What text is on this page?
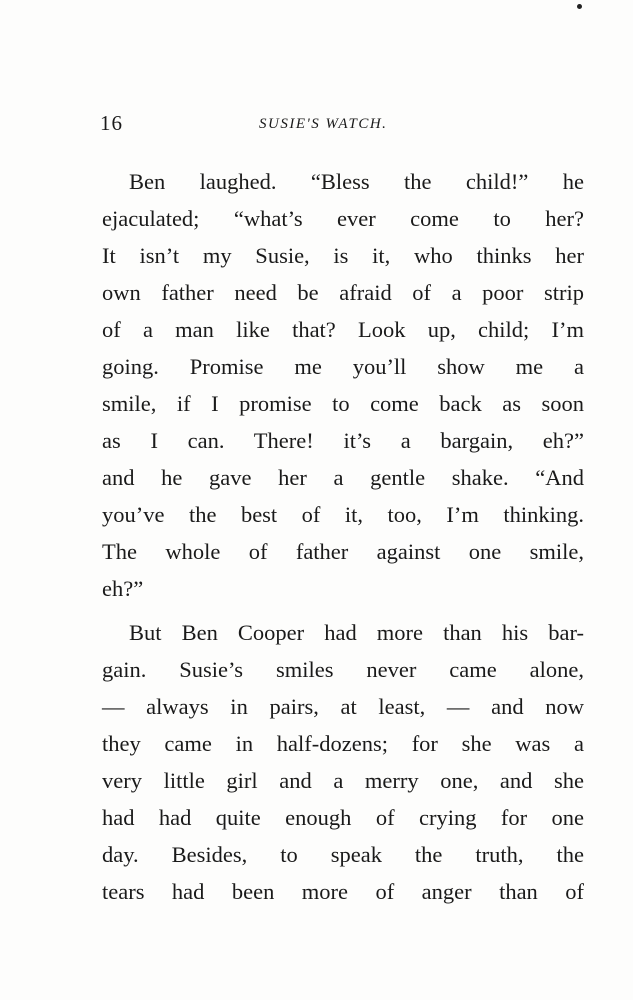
16	SUSIE'S WATCH.
Ben laughed. “Bless the child!” he
ejaculated; “what’s ever come to her?
It isn’t my Susie, is it, who thinks her
own father need be afraid of a poor strip
of a man like that? Look up, child; I’m
going. Promise me you’ll show me a
smile, if I promise to come back as soon
as I can. There! it’s a bargain, eh?”
and he gave her a gentle shake. “And
you’ve the best of it, too, I’m thinking.
The whole of father against one smile,
eh?”
But Ben Cooper had more than his bar-
gain. Susie’s smiles never came alone,
— always in pairs, at least, — and now
they came in half-dozens; for she was a
very little girl and a merry one, and she
had had quite enough of crying for one
day. Besides, to speak the truth, the
tears had been more of anger than of
